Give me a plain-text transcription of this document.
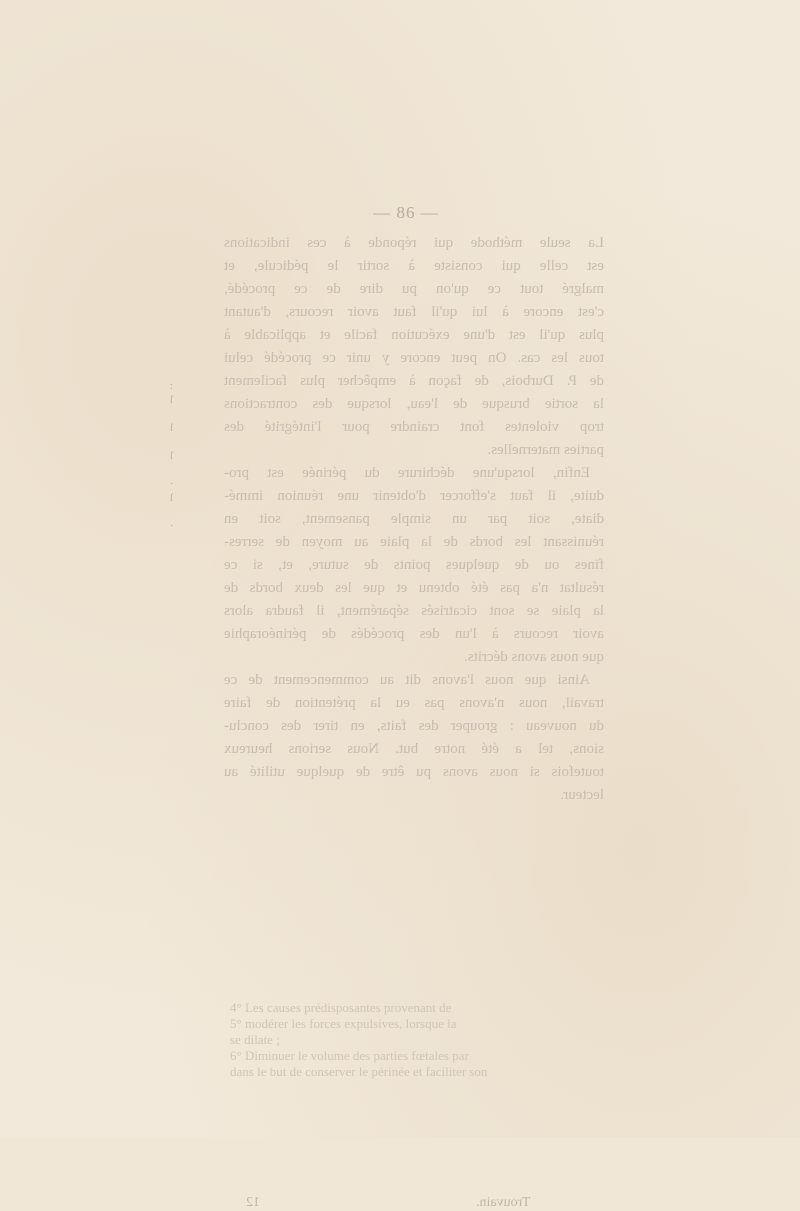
:
ſ

ſ

ſ

·
ſ

·
— 86 —
La seule méthode qui réponde à ces indications
est celle qui consiste à sortir le pédicule, et
malgré tout ce qu'on pu dire de ce procédé,
c'est encore à lui qu'il faut avoir recours, d'autant
plus qu'il est d'une exécution facile et applicable à
tous les cas. On peut encore y unir ce procédé celui
de P. Durbois, de façon à empêcher plus facilement
la sortie brusque de l'eau, lorsque des contractions
trop violentes font craindre pour l'intégrité des
parties maternelles.
Enfin, lorsqu'une déchirure du périnée est pro-
duite, il faut s'efforcer d'obtenir une réunion immé-
diate, soit par un simple pansement, soit en
réunissant les bords de la plaie au moyen de serres-
fines ou de quelques points de suture, et, si ce
résultat n'a pas été obtenu et que les deux bords de
la plaie se sont cicatrisés séparément, il faudra alors
avoir recours à l'un des procédés de périnéoraphie
que nous avons décrits.
Ainsi que nous l'avons dit au commencement de ce
travail, nous n'avons pas eu la prétention de faire
du nouveau : grouper des faits, en tirer des conclu-
sions, tel a été notre but. Nous serions heureux
toutefois si nous avons pu être de quelque utilité au
lecteur.
4° Les causes prédisposantes provenant de
5° modérer les forces expulsives, lorsque la
se dilate ;
6° Diminuer le volume des parties fœtales par
dans le but de conserver le périnée et faciliter son
Trouvain.
12
